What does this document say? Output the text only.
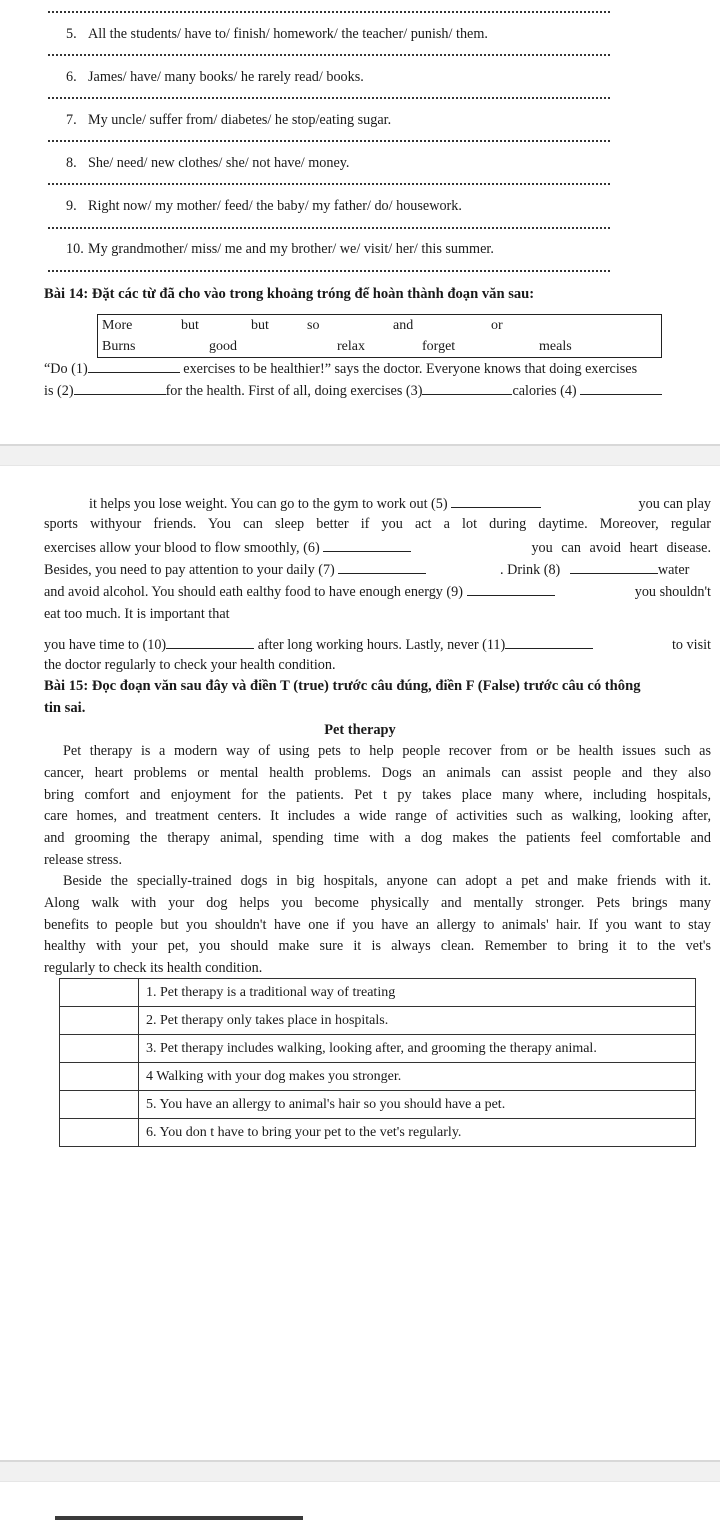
5. All the students/ have to/ finish/ homework/ the teacher/ punish/ them.
6. James/ have/ many books/ he rarely read/ books.
7. My uncle/ suffer from/ diabetes/ he stop/eating sugar.
8. She/ need/ new clothes/ she/ not have/ money.
9. Right now/ my mother/ feed/ the baby/ my father/ do/ housework.
10. My grandmother/ miss/ me and my brother/ we/ visit/ her/ this summer.
Bài 14: Đặt các từ đã cho vào trong khoảng tróng để hoàn thành đoạn văn sau:
More	but	but	so	and	or
Burns	good	relax	forget	meals
“Do (1)	exercises to be healthier!” says the doctor. Everyone knows that doing exercises
is (2)	for the health. First of all, doing exercises (3)	calories (4)
it helps you lose weight. You can go to the gym to work out (5)	you can play
sports withyour friends. You can sleep better if you act a lot during daytime. Moreover, regular
exercises allow your blood to flow smoothly, (6)	you can avoid heart disease.
Besides, you need to pay attention to your daily (7)	. Drink (8)	water
and avoid alcohol. You should eath ealthy food to have enough energy (9)	you shouldn't
eat too much. It is important that
you have time to (10)	after long working hours. Lastly, never (11)	to visit
the doctor regularly to check your health condition.
Bài 15: Đọc đoạn văn sau đây và điền T (true) trước câu đúng, điền F (False) trước câu có thông
tin sai.
Pet therapy
Pet therapy is a modern way of using pets to help people recover from or be health issues such as
cancer, heart problems or mental health problems. Dogs an animals can assist people and they also
bring comfort and enjoyment for the patients. Pet t py takes place many where, including hospitals,
care homes, and treatment centers. It includes a wide range of activities such as walking, looking after,
and grooming the therapy animal, spending time with a dog makes the patients feel comfortable and
release stress.
Beside the specially-trained dogs in big hospitals, anyone can adopt a pet and make friends with it.
Along walk with your dog helps you become physically and mentally stronger. Pets brings many
benefits to people but you shouldn't have one if you have an allergy to animals' hair. If you want to stay
healthy with your pet, you should make sure it is always clean. Remember to bring it to the vet's
regularly to check its health condition.
	1. Pet therapy is a traditional way of treating
	2. Pet therapy only takes place in hospitals.
	3. Pet therapy includes walking, looking after, and grooming the therapy animal.
	4 Walking with your dog makes you stronger.
	5. You have an allergy to animal's hair so you should have a pet.
	6. You don t have to bring your pet to the vet's regularly.
